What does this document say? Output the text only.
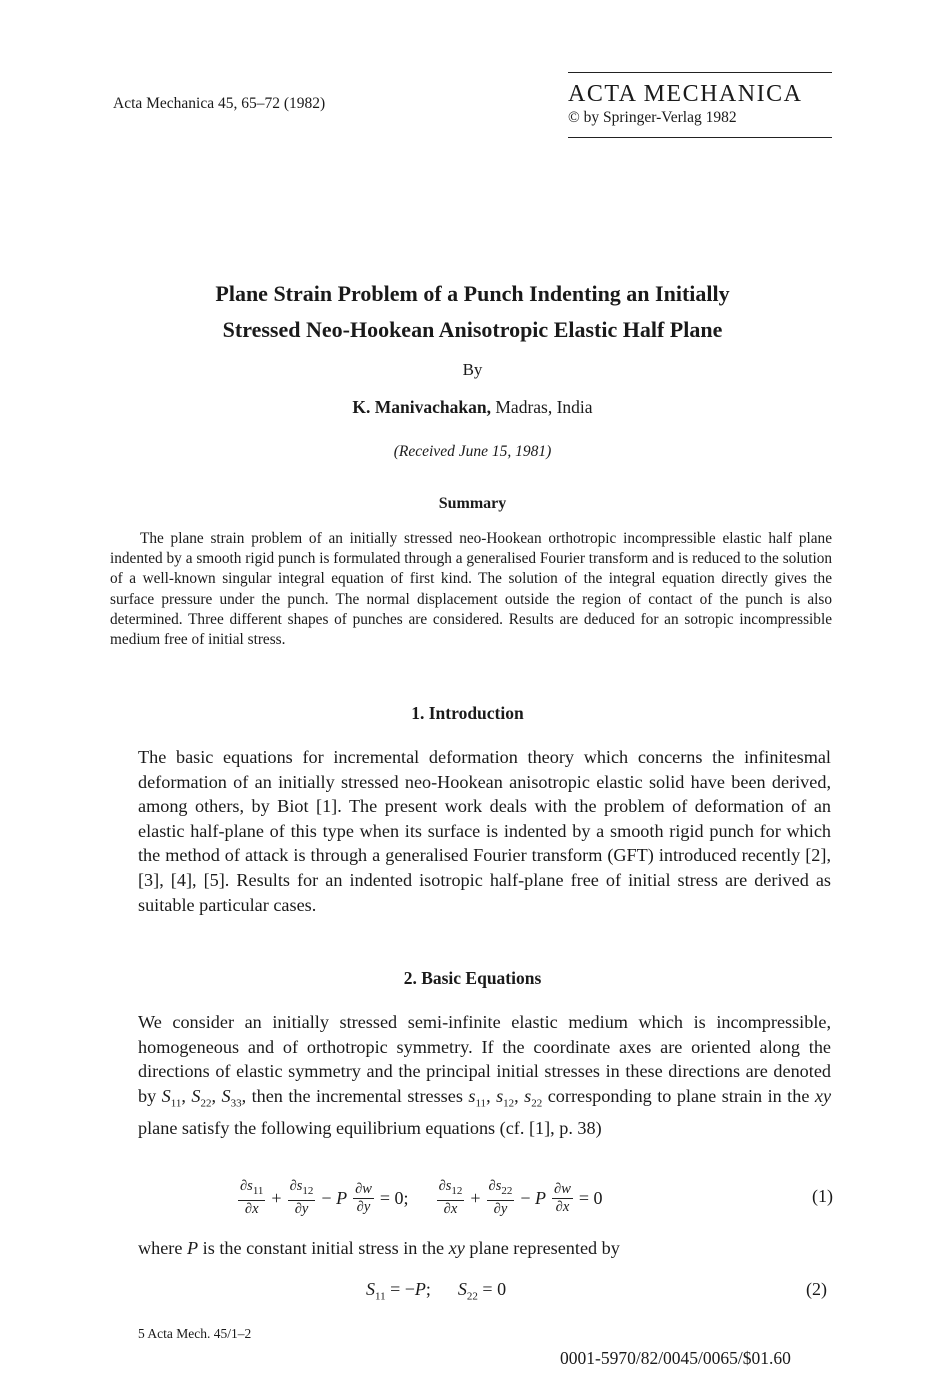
Acta Mechanica 45, 65–72 (1982)	ACTA MECHANICA
© by Springer-Verlag 1982
Plane Strain Problem of a Punch Indenting an Initially
Stressed Neo-Hookean Anisotropic Elastic Half Plane
By
K. Manivachakan, Madras, India
(Received June 15, 1981)
Summary

The plane strain problem of an initially stressed neo-Hookean orthotropic incompressible elastic half plane indented by a smooth rigid punch is formulated through a generalised Fourier transform and is reduced to the solution of a well-known singular integral equation of first kind. The solution of the integral equation directly gives the surface pressure under the punch. The normal displacement outside the region of contact of the punch is also determined. Three different shapes of punches are considered. Results are deduced for an sotropic incompressible medium free of initial stress.

1. Introduction

The basic equations for incremental deformation theory which concerns the infinitesmal deformation of an initially stressed neo-Hookean anisotropic elastic solid have been derived, among others, by Biot [1]. The present work deals with the problem of deformation of an elastic half-plane of this type when its surface is indented by a smooth rigid punch for which the method of attack is through a generalised Fourier transform (GFT) introduced recently [2], [3], [4], [5]. Results for an indented isotropic half-plane free of initial stress are derived as suitable particular cases.

2. Basic Equations

We consider an initially stressed semi-infinite elastic medium which is incompressible, homogeneous and of orthotropic symmetry. If the coordinate axes are oriented along the directions of elastic symmetry and the principal initial stresses in these directions are denoted by $S_{11}$, $S_{22}$, $S_{33}$, then the incremental stresses $s_{11}$, $s_{12}$, $s_{22}$ corresponding to plane strain in the xy plane satisfy the following equilibrium equations (cf. [1], p. 38)

$\frac{\partial s_{11}}{\partial x} + \frac{\partial s_{12}}{\partial y} - P \frac{\partial w}{\partial y} = 0$; $\frac{\partial s_{12}}{\partial x} + \frac{\partial s_{22}}{\partial y} - P \frac{\partial w}{\partial x} = 0$	(1)

where P is the constant initial stress in the xy plane represented by

$S_{11} = -P$;      $S_{22} = 0$	(2)
5 Acta Mech. 45/1–2
0001-5970/82/0045/0065/$01.60
